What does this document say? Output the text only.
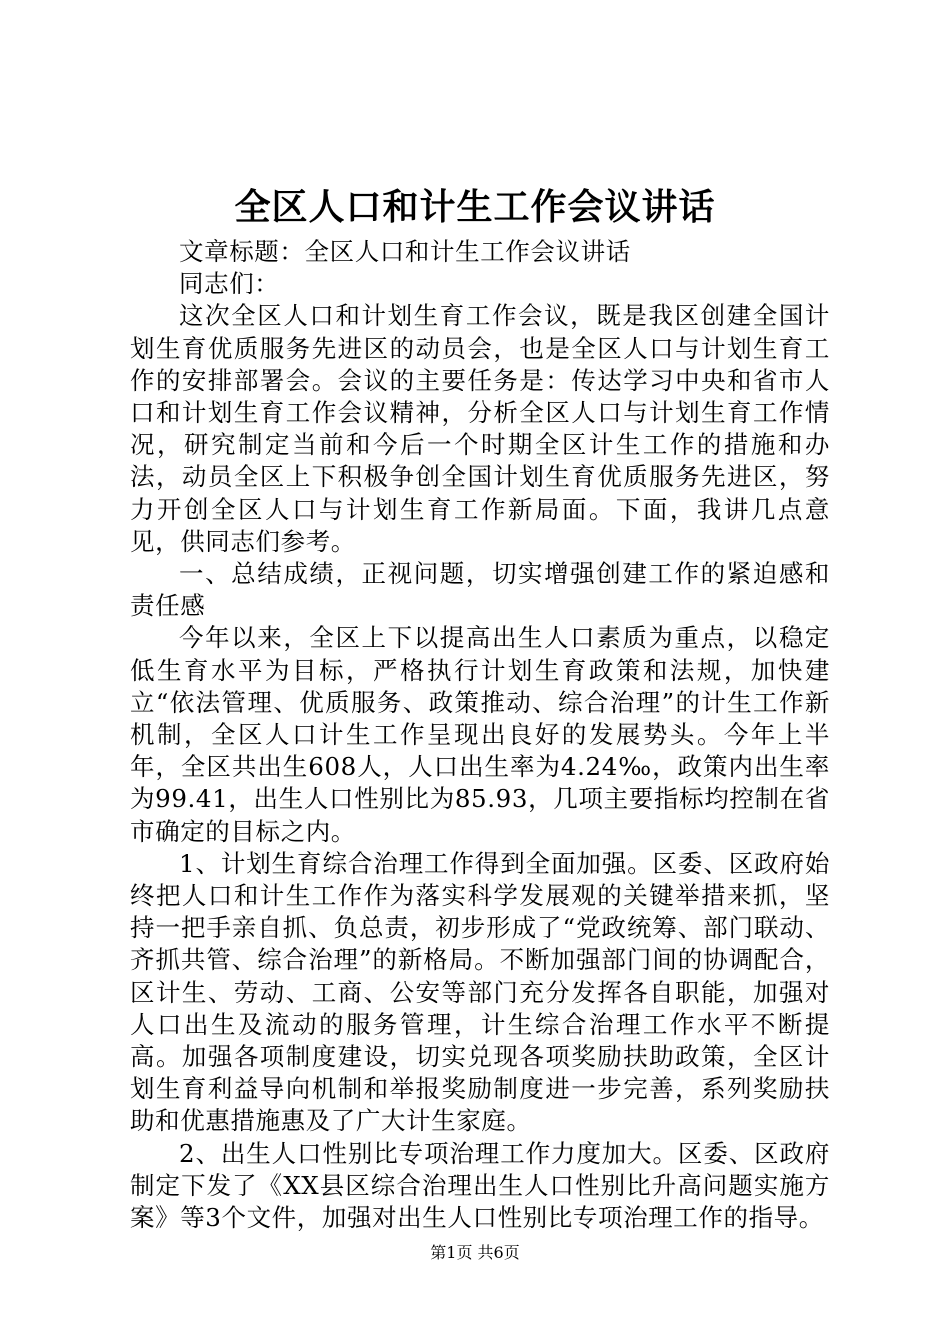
全区人口和计生工作会议讲话

文章标题：全区人口和计生工作会议讲话

同志们：

这次全区人口和计划生育工作会议，既是我区创建全国计划生育优质服务先进区的动员会，也是全区人口与计划生育工作的安排部署会。会议的主要任务是：传达学习中央和省市人口和计划生育工作会议精神，分析全区人口与计划生育工作情况，研究制定当前和今后一个时期全区计生工作的措施和办法，动员全区上下积极争创全国计划生育优质服务先进区，努力开创全区人口与计划生育工作新局面。下面，我讲几点意见，供同志们参考。

一、总结成绩，正视问题，切实增强创建工作的紧迫感和责任感

今年以来，全区上下以提高出生人口素质为重点，以稳定低生育水平为目标，严格执行计划生育政策和法规，加快建立“依法管理、优质服务、政策推动、综合治理”的计生工作新机制，全区人口计生工作呈现出良好的发展势头。今年上半年，全区共出生608人，人口出生率为4.24‰，政策内出生率为99.41，出生人口性别比为85.93，几项主要指标均控制在省市确定的目标之内。

1、计划生育综合治理工作得到全面加强。区委、区政府始终把人口和计生工作作为落实科学发展观的关键举措来抓，坚持一把手亲自抓、负总责，初步形成了“党政统筹、部门联动、齐抓共管、综合治理”的新格局。不断加强部门间的协调配合，区计生、劳动、工商、公安等部门充分发挥各自职能，加强对人口出生及流动的服务管理，计生综合治理工作水平不断提高。加强各项制度建设，切实兑现各项奖励扶助政策，全区计划生育利益导向机制和举报奖励制度进一步完善，系列奖励扶助和优惠措施惠及了广大计生家庭。

2、出生人口性别比专项治理工作力度加大。区委、区政府制定下发了《XX县区综合治理出生人口性别比升高问题实施方案》等3个文件，加强对出生人口性别比专项治理工作的指导。

第1页 共6页
